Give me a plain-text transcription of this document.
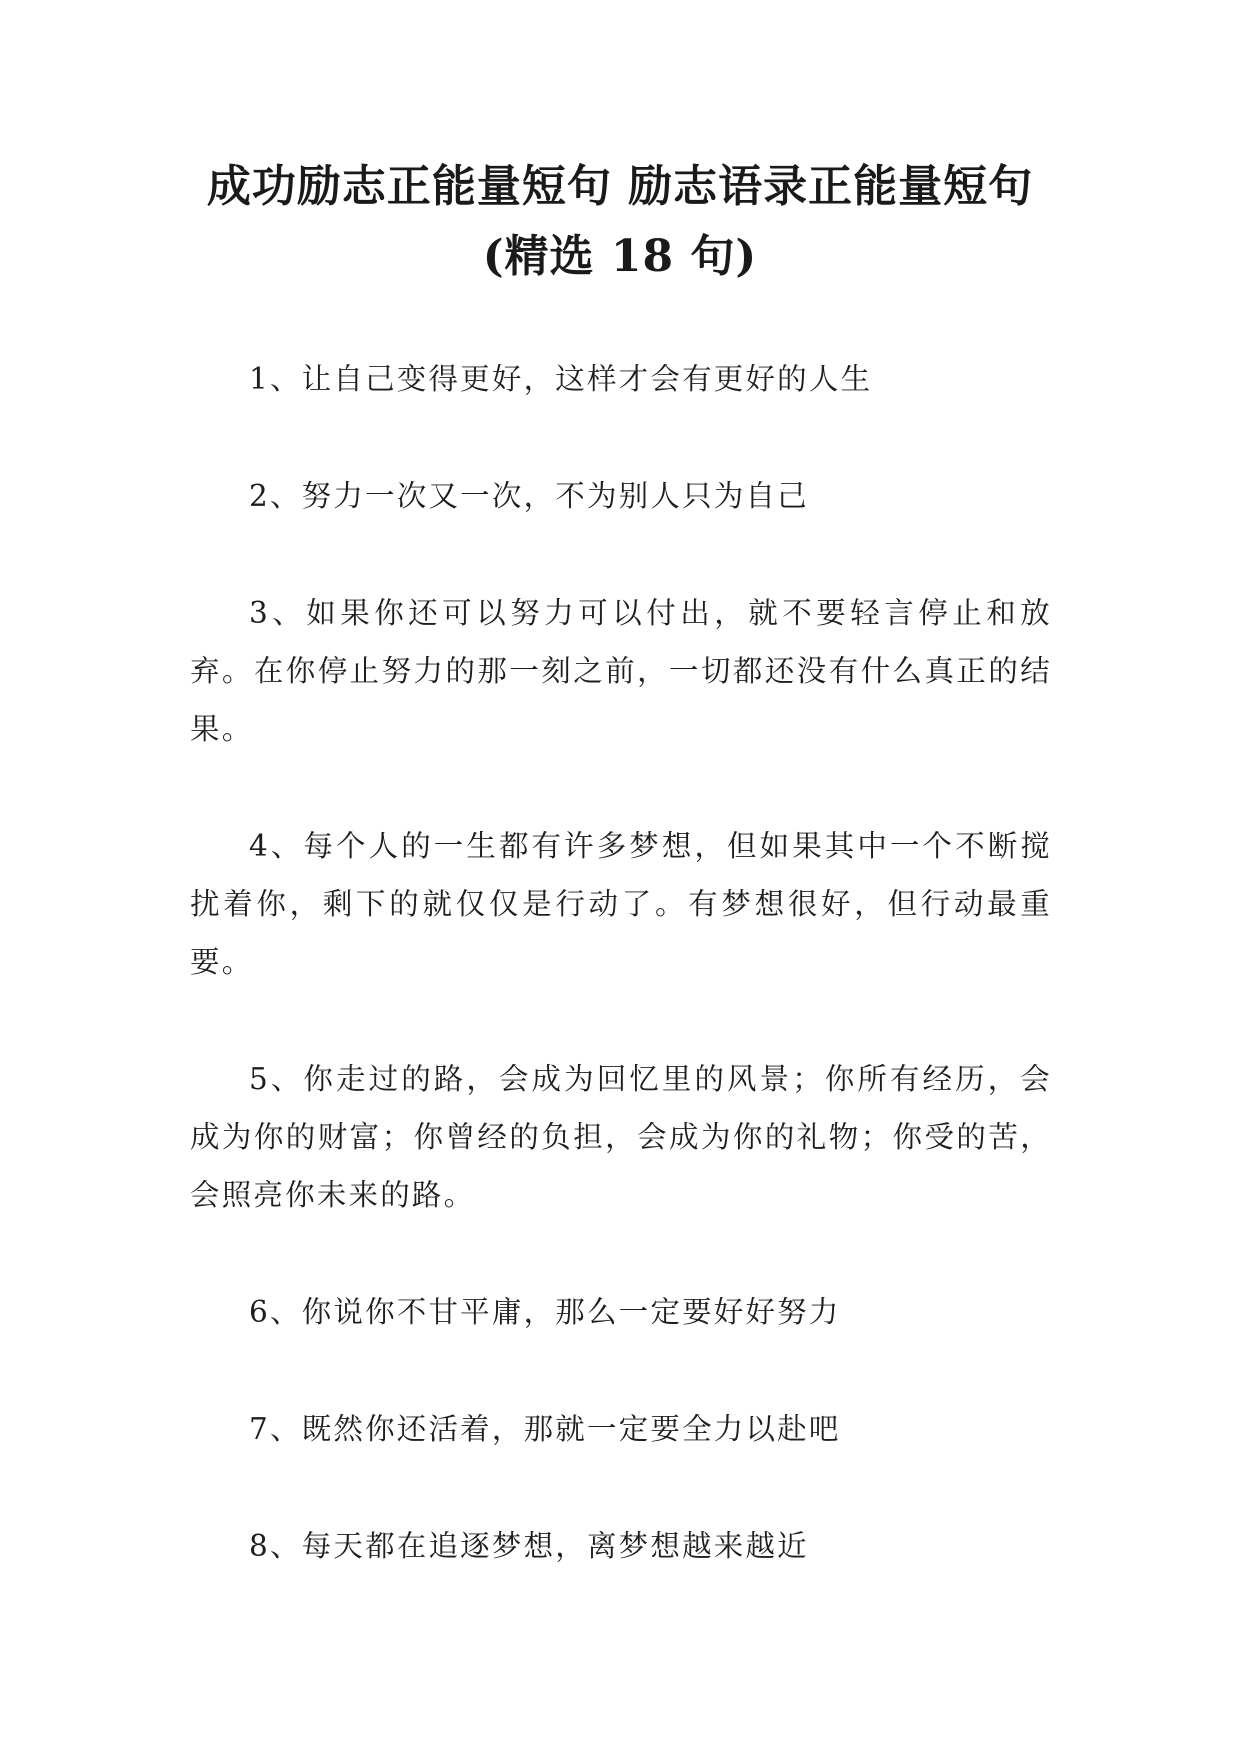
成功励志正能量短句 励志语录正能量短句
(精选 18 句)

1、让自己变得更好，这样才会有更好的人生

2、努力一次又一次，不为别人只为自己

3、如果你还可以努力可以付出，就不要轻言停止和放弃。在你停止努力的那一刻之前，一切都还没有什么真正的结果。

4、每个人的一生都有许多梦想，但如果其中一个不断搅扰着你，剩下的就仅仅是行动了。有梦想很好，但行动最重要。

5、你走过的路，会成为回忆里的风景；你所有经历，会成为你的财富；你曾经的负担，会成为你的礼物；你受的苦，会照亮你未来的路。

6、你说你不甘平庸，那么一定要好好努力

7、既然你还活着，那就一定要全力以赴吧

8、每天都在追逐梦想，离梦想越来越近
